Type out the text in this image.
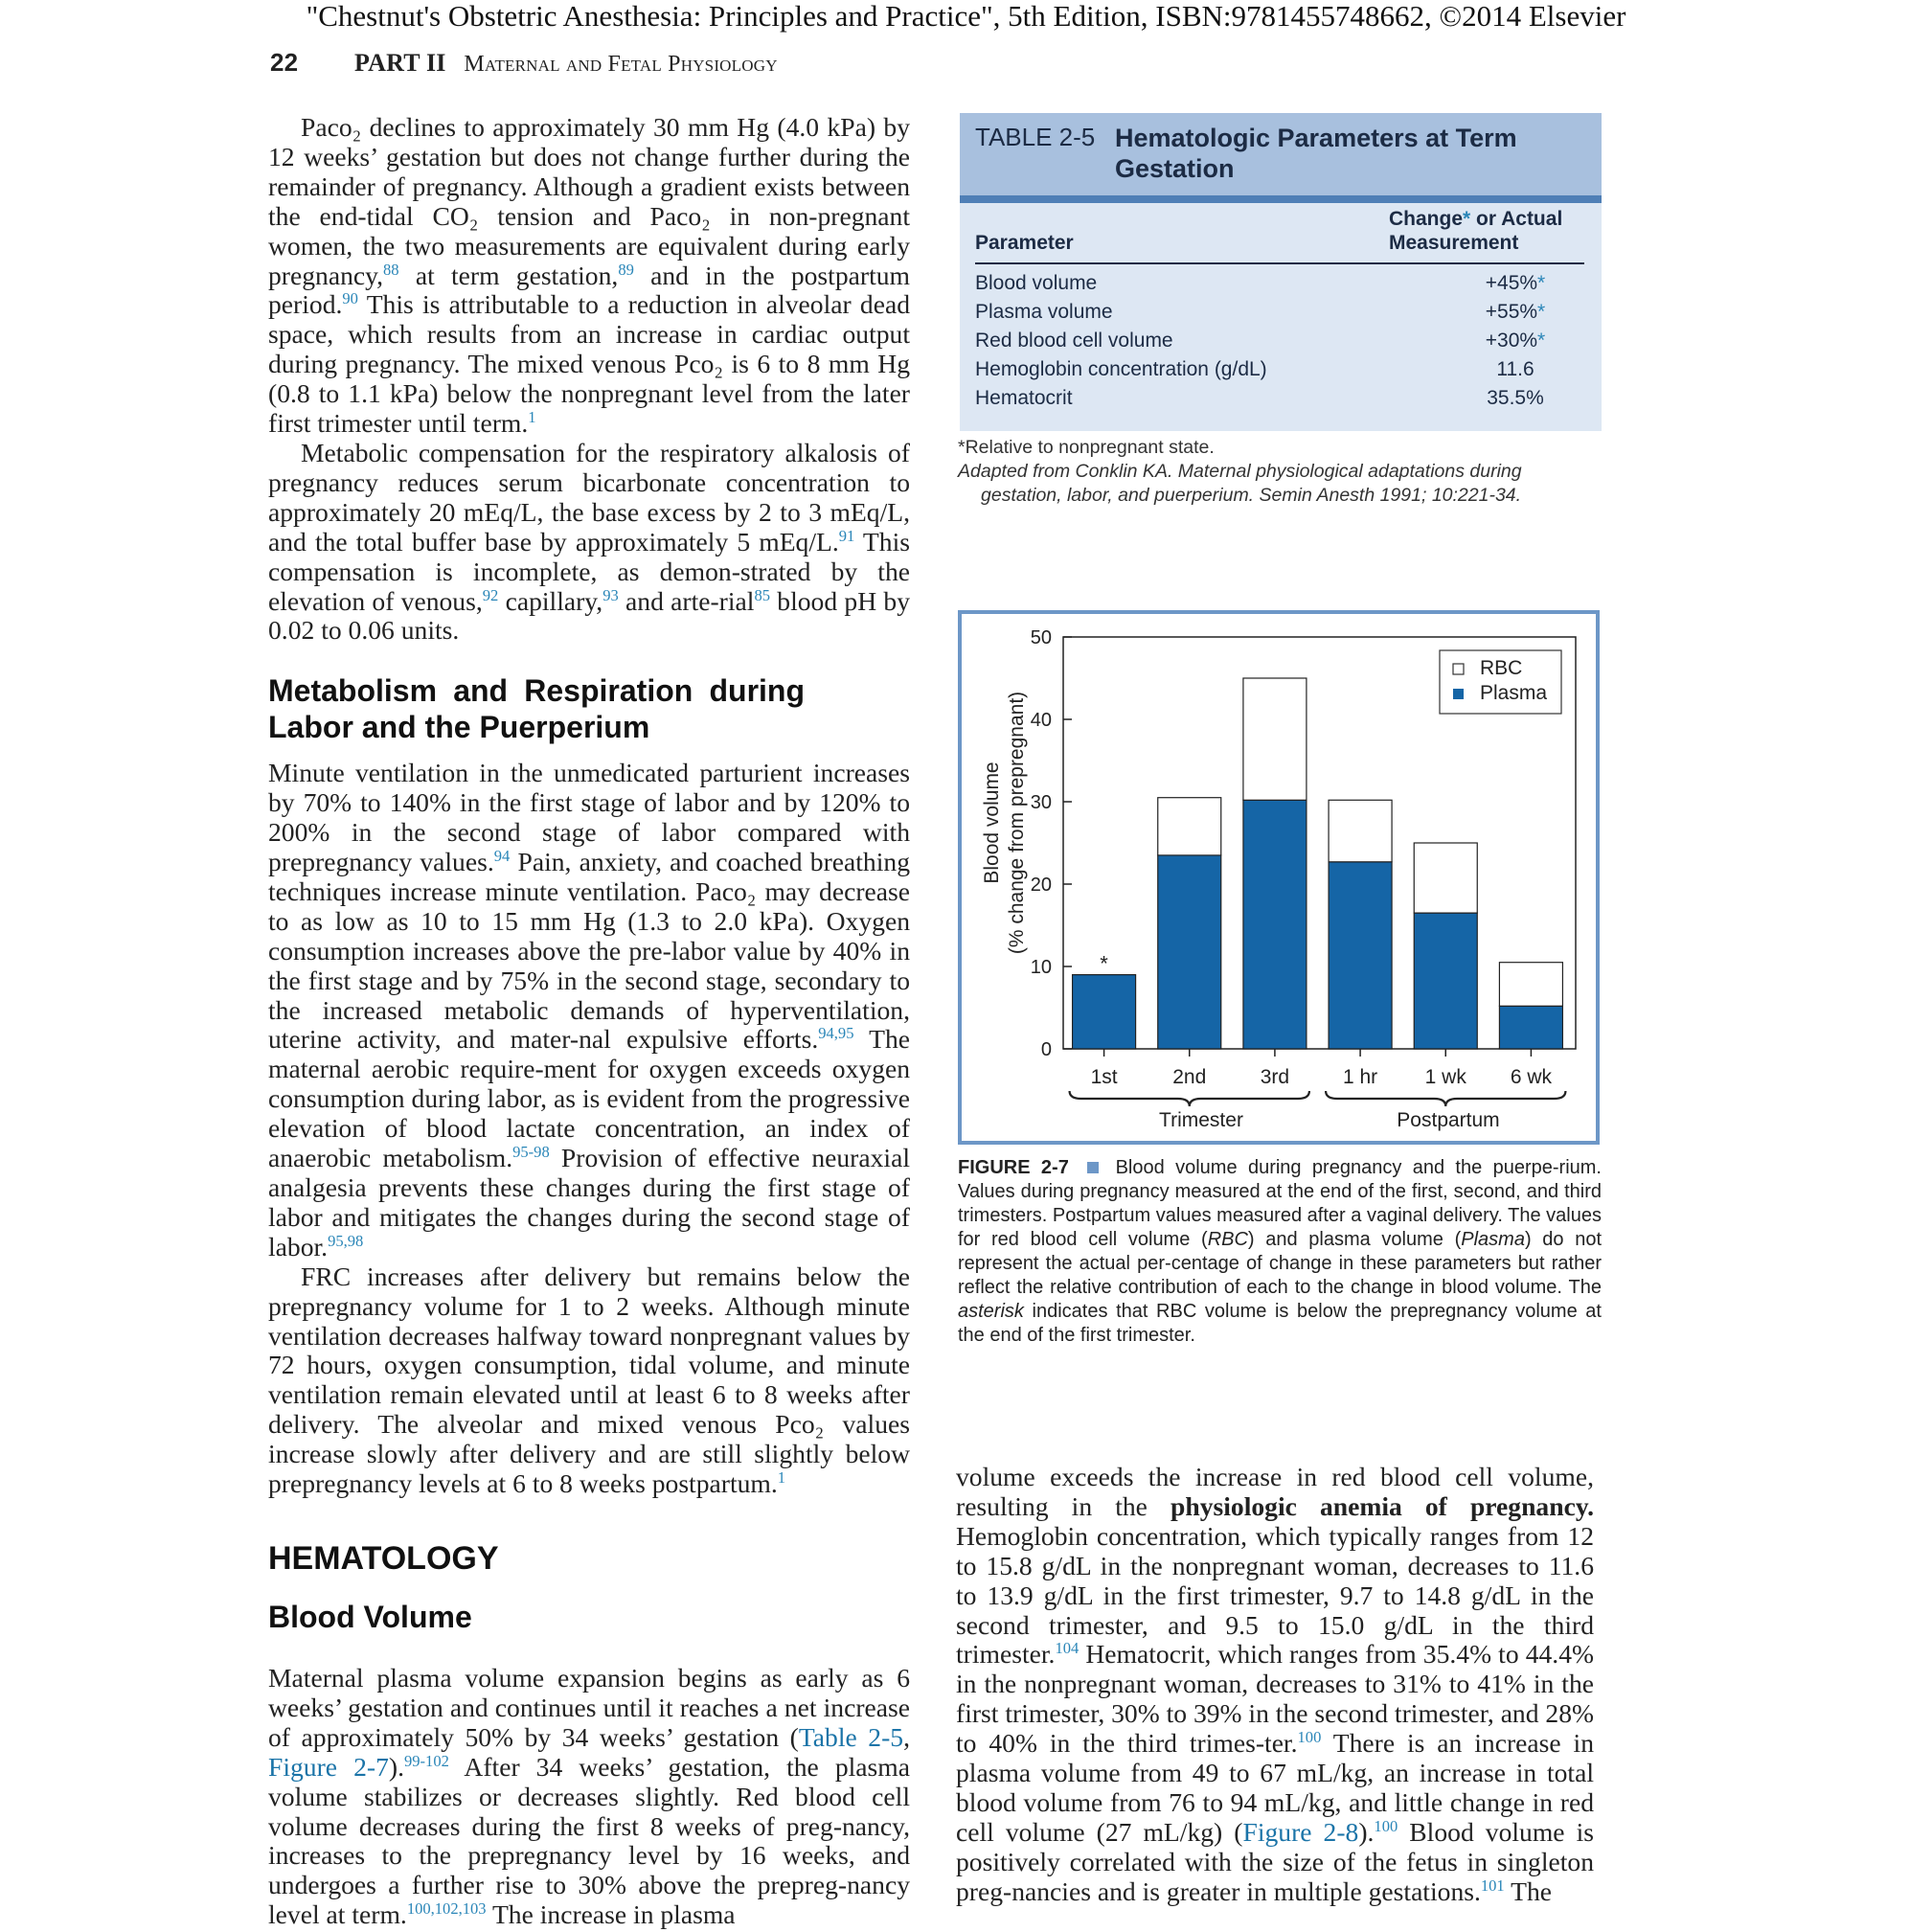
"Chestnut's Obstetric Anesthesia: Principles and Practice", 5th Edition, ISBN:9781455748662, ©2014 Elsevier
22 PART II Maternal and Fetal Physiology

Paco₂ declines to approximately 30 mm Hg (4.0 kPa) by 12 weeks’ gestation but does not change further during the remainder of pregnancy. Although a gradient exists between the end-tidal CO₂ tension and Paco₂ in non-pregnant women, the two measurements are equivalent during early pregnancy,$^{88}$ at term gestation,$^{89}$ and in the postpartum period.$^{90}$ This is attributable to a reduction in alveolar dead space, which results from an increase in cardiac output during pregnancy. The mixed venous Pco₂ is 6 to 8 mm Hg (0.8 to 1.1 kPa) below the nonpregnant level from the later first trimester until term.$^1$

Metabolic compensation for the respiratory alkalosis of pregnancy reduces serum bicarbonate concentration to approximately 20 mEq/L, the base excess by 2 to 3 mEq/L, and the total buffer base by approximately 5 mEq/L.$^{91}$ This compensation is incomplete, as demon-strated by the elevation of venous,$^{92}$ capillary,$^{93}$ and arte-rial$^{85}$ blood pH by 0.02 to 0.06 units.

Metabolism and Respiration during Labor and the Puerperium

Minute ventilation in the unmedicated parturient increases by 70% to 140% in the first stage of labor and by 120% to 200% in the second stage of labor compared with prepregnancy values.$^{94}$ Pain, anxiety, and coached breathing techniques increase minute ventilation. Paco₂ may decrease to as low as 10 to 15 mm Hg (1.3 to 2.0 kPa). Oxygen consumption increases above the pre-labor value by 40% in the first stage and by 75% in the second stage, secondary to the increased metabolic demands of hyperventilation, uterine activity, and mater-nal expulsive efforts.$^{94,95}$ The maternal aerobic require-ment for oxygen exceeds oxygen consumption during labor, as is evident from the progressive elevation of blood lactate concentration, an index of anaerobic metabolism.$^{95-98}$ Provision of effective neuraxial analgesia prevents these changes during the first stage of labor and mitigates the changes during the second stage of labor.$^{95,98}$

FRC increases after delivery but remains below the prepregnancy volume for 1 to 2 weeks. Although minute ventilation decreases halfway toward nonpregnant values by 72 hours, oxygen consumption, tidal volume, and minute ventilation remain elevated until at least 6 to 8 weeks after delivery. The alveolar and mixed venous Pco₂ values increase slowly after delivery and are still slightly below prepregnancy levels at 6 to 8 weeks postpartum.$^1$

HEMATOLOGY
Blood Volume

Maternal plasma volume expansion begins as early as 6 weeks’ gestation and continues until it reaches a net increase of approximately 50% by 34 weeks’ gestation (Table 2-5, Figure 2-7).$^{99-102}$ After 34 weeks’ gestation, the plasma volume stabilizes or decreases slightly. Red blood cell volume decreases during the first 8 weeks of preg-nancy, increases to the prepregnancy level by 16 weeks, and undergoes a further rise to 30% above the prepreg-nancy level at term.$^{100,102,103}$ The increase in plasma

TABLE 2-5 Hematologic Parameters at Term Gestation
Parameter
Change* or Actual
Measurement
Blood volume	+45%*
Plasma volume	+55%*
Red blood cell volume	+30%*
Hemoglobin concentration (g/dL)	11.6
Hematocrit	35.5%
*Relative to nonpregnant state.
Adapted from Conklin KA. Maternal physiological adaptations during gestation, labor, and puerperium. Semin Anesth 1991; 10:221-34.
0
10
20
30
40
50
1st	2nd	3rd	1 hr 1 wk 6 wk
*
Blood volume (% change from prepregnant)
RBC
Plasma
Trimester	Postpartum
FIGURE 2-7  Blood volume during pregnancy and the puerpe-rium. Values during pregnancy measured at the end of the first, second, and third trimesters. Postpartum values measured after a vaginal delivery. The values for red blood cell volume (RBC) and plasma volume (Plasma) do not represent the actual per-centage of change in these parameters but rather reflect the relative contribution of each to the change in blood volume. The asterisk indicates that RBC volume is below the prepregnancy volume at the end of the first trimester.

volume exceeds the increase in red blood cell volume, resulting in the physiologic anemia of pregnancy. Hemoglobin concentration, which typically ranges from 12 to 15.8 g/dL in the nonpregnant woman, decreases to 11.6 to 13.9 g/dL in the first trimester, 9.7 to 14.8 g/dL in the second trimester, and 9.5 to 15.0 g/dL in the third trimester.$^{104}$ Hematocrit, which ranges from 35.4% to 44.4% in the nonpregnant woman, decreases to 31% to 41% in the first trimester, 30% to 39% in the second trimester, and 28% to 40% in the third trimes-ter.$^{100}$ There is an increase in plasma volume from 49 to 67 mL/kg, an increase in total blood volume from 76 to 94 mL/kg, and little change in red cell volume (27 mL/kg) (Figure 2-8).$^{100}$ Blood volume is positively correlated with the size of the fetus in singleton preg-nancies and is greater in multiple gestations.$^{101}$ The
